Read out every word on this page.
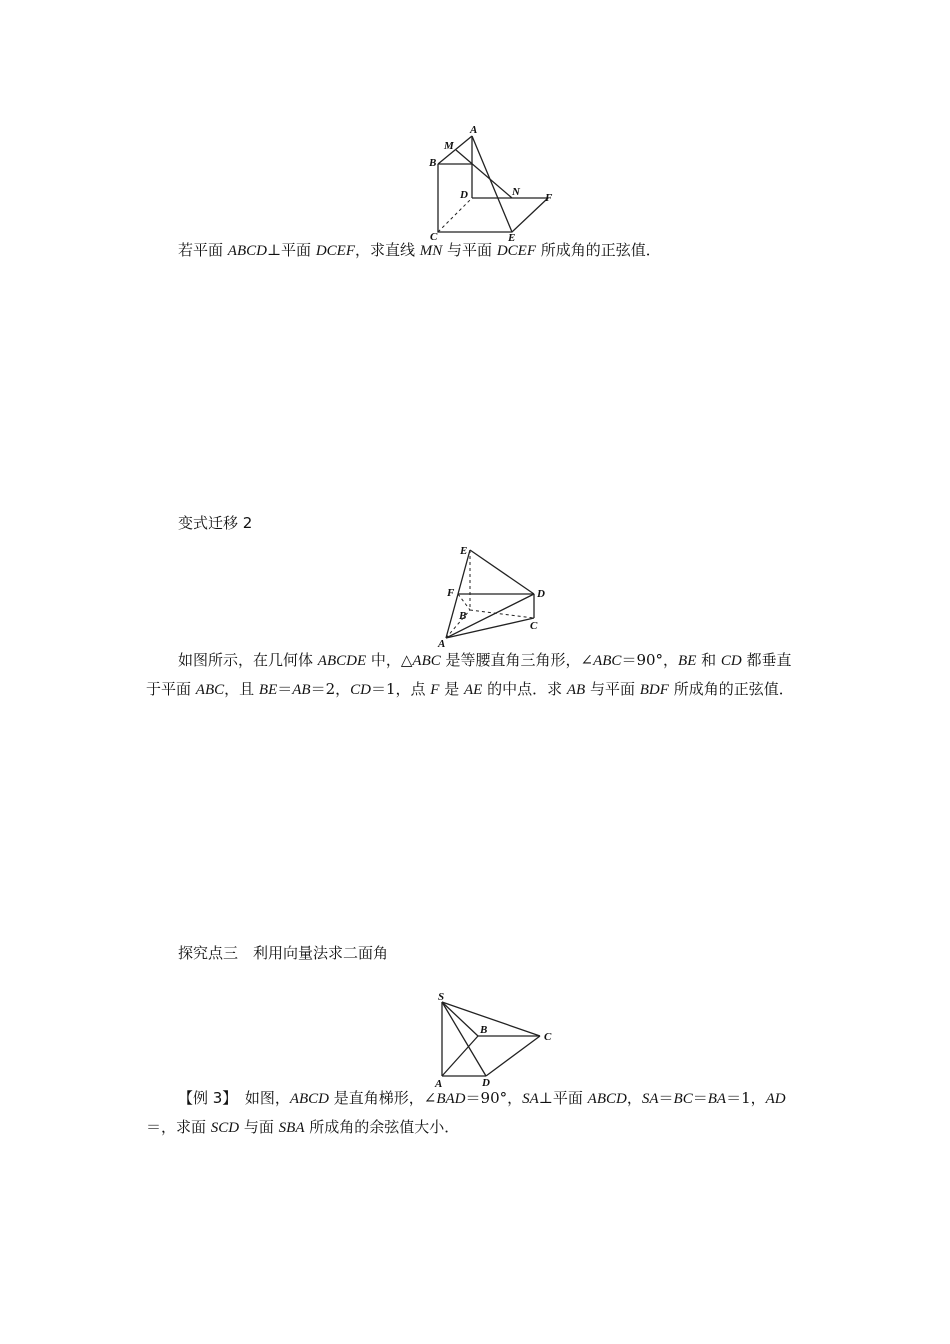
A
M
B
D	N F
C	E
若平面 ABCD⊥平面 DCEF，求直线 MN 与平面 DCEF 所成角的正弦值．
变式迁移 2
E
F	D
B
C
A
如图所示，在几何体 ABCDE 中，△ABC 是等腰直角三角形，∠ABC＝90°，BE 和 CD 都垂直于平面 ABC，且 BE＝AB＝2，CD＝1，点 F 是 AE 的中点．求 AB 与平面 BDF 所成角的正弦值．
探究点三　利用向量法求二面角
S
B
C
A	D
【例 3】　 如图，ABCD 是直角梯形，∠BAD＝90°，SA⊥平面 ABCD，SA＝BC＝BA＝1，AD＝，求面 SCD 与面 SBA 所成角的余弦值大小．
